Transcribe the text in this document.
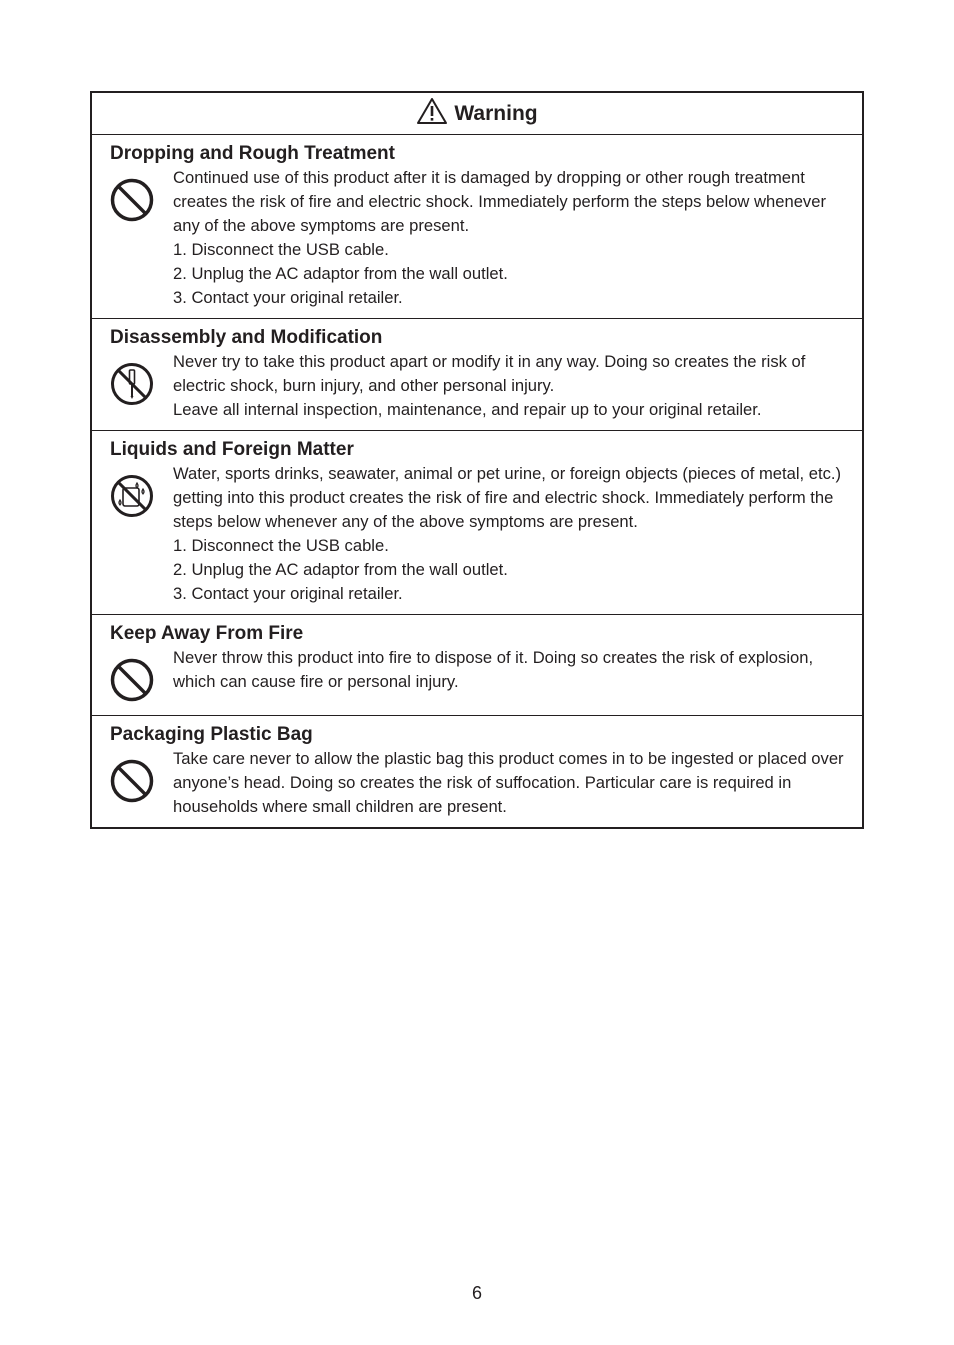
Warning
Dropping and Rough Treatment

Continued use of this product after it is damaged by dropping or other rough treatment creates the risk of fire and electric shock. Immediately perform the steps below whenever any of the above symptoms are present.

1. Disconnect the USB cable.

2. Unplug the AC adaptor from the wall outlet.

3. Contact your original retailer.

Disassembly and Modification

Never try to take this product apart or modify it in any way. Doing so creates the risk of electric shock, burn injury, and other personal injury.

Leave all internal inspection, maintenance, and repair up to your original retailer.

Liquids and Foreign Matter

Water, sports drinks, seawater, animal or pet urine, or foreign objects (pieces of metal, etc.) getting into this product creates the risk of fire and electric shock. Immediately perform the steps below whenever any of the above symptoms are present.

1. Disconnect the USB cable.

2. Unplug the AC adaptor from the wall outlet.

3. Contact your original retailer.

Keep Away From Fire

Never throw this product into fire to dispose of it. Doing so creates the risk of explosion, which can cause fire or personal injury.

Packaging Plastic Bag

Take care never to allow the plastic bag this product comes in to be ingested or placed over anyone’s head. Doing so creates the risk of suffocation. Particular care is required in households where small children are present.

6
